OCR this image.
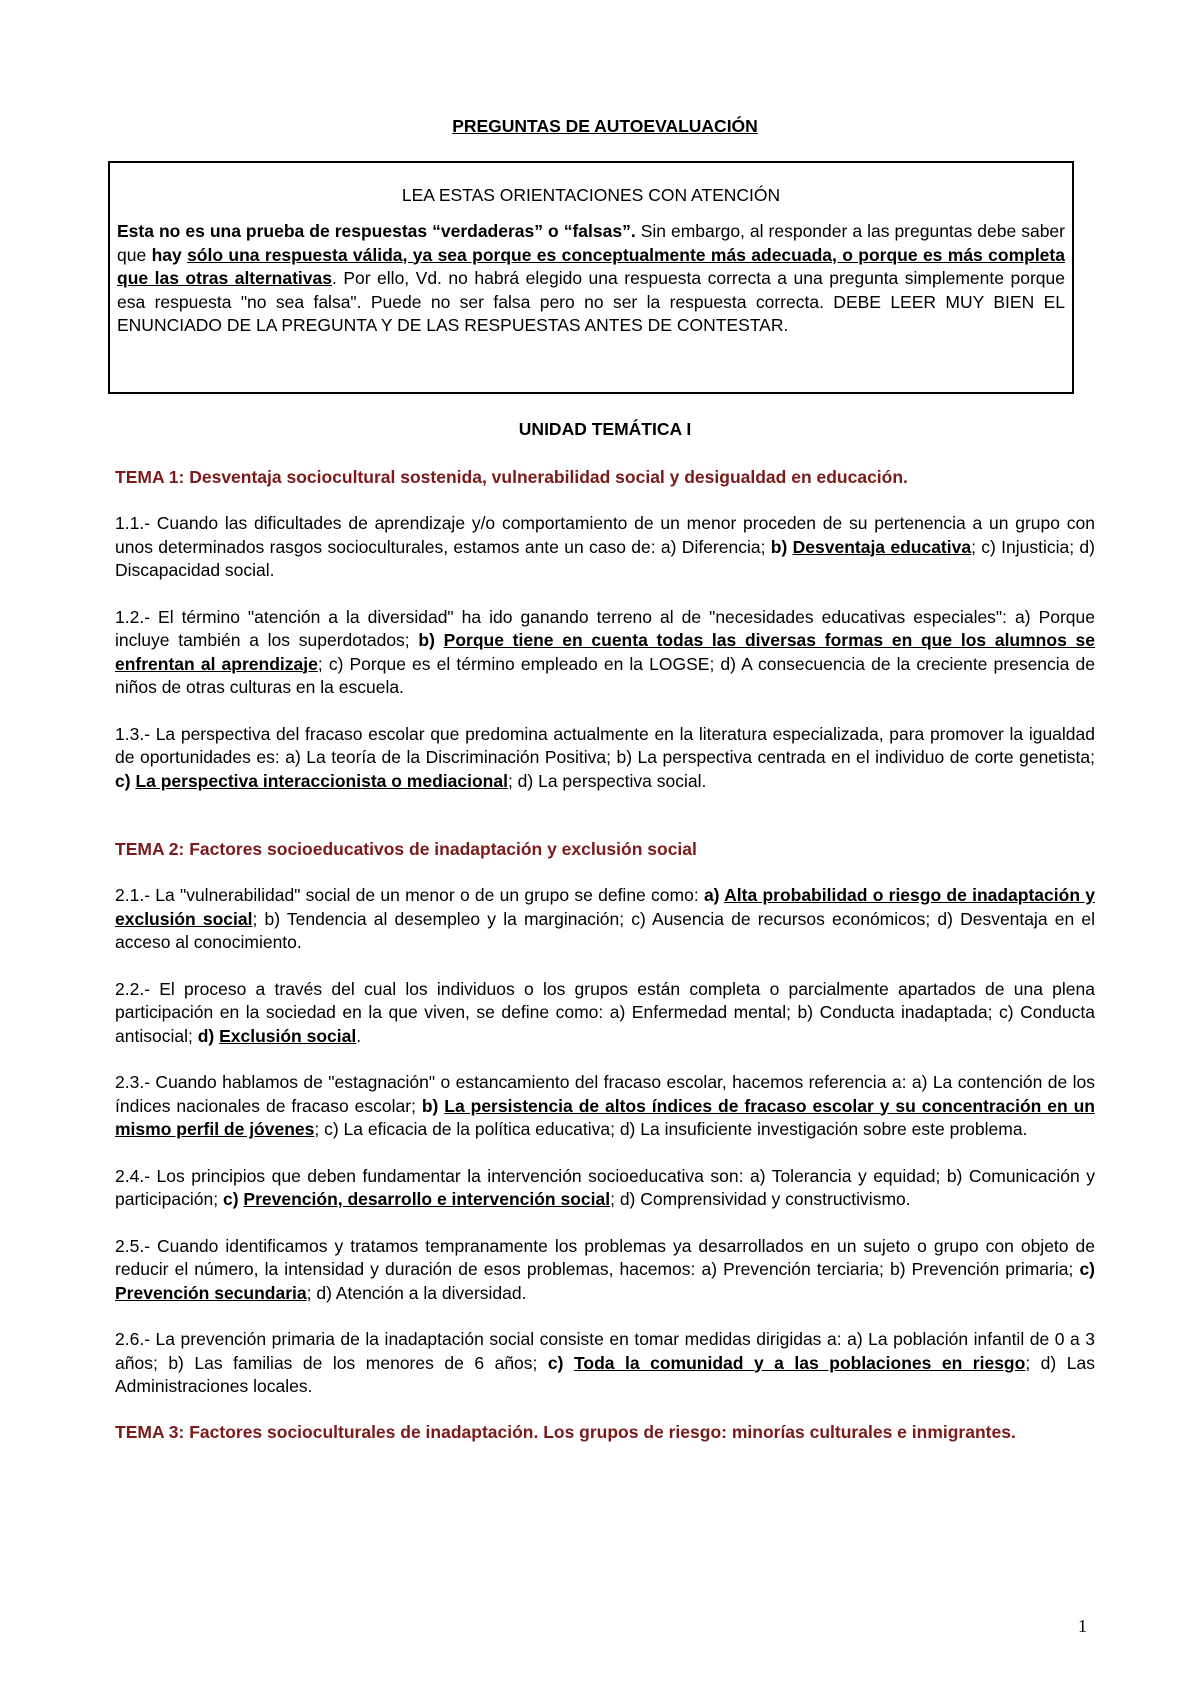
PREGUNTAS DE AUTOEVALUACIÓN

LEA ESTAS ORIENTACIONES CON ATENCIÓN

Esta no es una prueba de respuestas “verdaderas” o “falsas”. Sin embargo, al responder a las preguntas debe saber que hay sólo una respuesta válida, ya sea porque es conceptualmente más adecuada, o porque es más completa que las otras alternativas. Por ello, Vd. no habrá elegido una respuesta correcta a una pregunta simplemente porque esa respuesta "no sea falsa". Puede no ser falsa pero no ser la respuesta correcta. DEBE LEER MUY BIEN EL ENUNCIADO DE LA PREGUNTA Y DE LAS RESPUESTAS ANTES DE CONTESTAR.

UNIDAD TEMÁTICA I

TEMA 1: Desventaja sociocultural sostenida, vulnerabilidad social y desigualdad en educación.

1.1.- Cuando las dificultades de aprendizaje y/o comportamiento de un menor proceden de su pertenencia a un grupo con unos determinados rasgos socioculturales, estamos ante un caso de: a) Diferencia; b) Desventaja educativa; c) Injusticia; d) Discapacidad social.

1.2.- El término "atención a la diversidad" ha ido ganando terreno al de "necesidades educativas especiales": a) Porque incluye también a los superdotados; b) Porque tiene en cuenta todas las diversas formas en que los alumnos se enfrentan al aprendizaje; c) Porque es el término empleado en la LOGSE; d) A consecuencia de la creciente presencia de niños de otras culturas en la escuela.

1.3.- La perspectiva del fracaso escolar que predomina actualmente en la literatura especializada, para promover la igualdad de oportunidades es: a) La teoría de la Discriminación Positiva; b) La perspectiva centrada en el individuo de corte genetista; c) La perspectiva interaccionista o mediacional; d) La perspectiva social.

TEMA 2: Factores socioeducativos de inadaptación y exclusión social

2.1.- La "vulnerabilidad" social de un menor o de un grupo se define como: a) Alta probabilidad o riesgo de inadaptación y exclusión social; b) Tendencia al desempleo y la marginación; c) Ausencia de recursos económicos; d) Desventaja en el acceso al conocimiento.

2.2.- El proceso a través del cual los individuos o los grupos están completa o parcialmente apartados de una plena participación en la sociedad en la que viven, se define como: a) Enfermedad mental; b) Conducta inadaptada; c) Conducta antisocial; d) Exclusión social.

2.3.- Cuando hablamos de "estagnación" o estancamiento del fracaso escolar, hacemos referencia a: a) La contención de los índices nacionales de fracaso escolar; b) La persistencia de altos índices de fracaso escolar y su concentración en un mismo perfil de jóvenes; c) La eficacia de la política educativa; d) La insuficiente investigación sobre este problema.

2.4.- Los principios que deben fundamentar la intervención socioeducativa son: a) Tolerancia y equidad; b) Comunicación y participación; c) Prevención, desarrollo e intervención social; d) Comprensividad y constructivismo.

2.5.- Cuando identificamos y tratamos tempranamente los problemas ya desarrollados en un sujeto o grupo con objeto de reducir el número, la intensidad y duración de esos problemas, hacemos: a) Prevención terciaria; b) Prevención primaria; c) Prevención secundaria; d) Atención a la diversidad.

2.6.- La prevención primaria de la inadaptación social consiste en tomar medidas dirigidas a: a) La población infantil de 0 a 3 años; b) Las familias de los menores de 6 años; c) Toda la comunidad y a las poblaciones en riesgo; d) Las Administraciones locales.

TEMA 3: Factores socioculturales de inadaptación. Los grupos de riesgo: minorías culturales e inmigrantes.

1
